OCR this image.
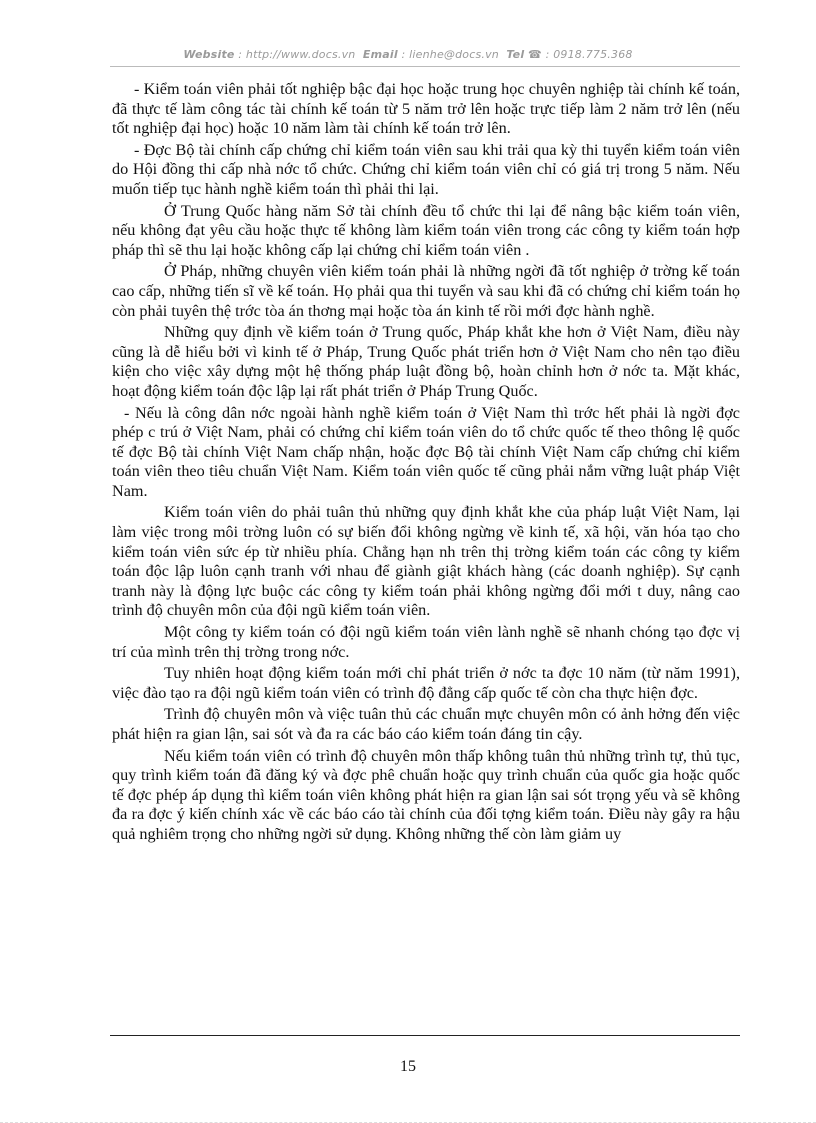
Website : http://www.docs.vn Email : lienhe@docs.vn Tel ☎ : 0918.775.368

- Kiểm toán viên phải tốt nghiệp bậc đại học hoặc trung học chuyên nghiệp tài chính kế toán, đã thực tế làm công tác tài chính kế toán từ 5 năm trở lên hoặc trực tiếp làm 2 năm trở lên (nếu tốt nghiệp đại học) hoặc 10 năm làm tài chính kế toán trở lên.

- Đợc Bộ tài chính cấp chứng chỉ kiểm toán viên sau khi trải qua kỳ thi tuyển kiểm toán viên do Hội đồng thi cấp nhà nớc tổ chức. Chứng chỉ kiểm toán viên chỉ có giá trị trong 5 năm. Nếu muốn tiếp tục hành nghề kiểm toán thì phải thi lại.

Ở Trung Quốc hàng năm Sở tài chính đều tổ chức thi lại để nâng bậc kiểm toán viên, nếu không đạt yêu cầu hoặc thực tế không làm kiểm toán viên trong các công ty kiểm toán hợp pháp thì sẽ thu lại hoặc không cấp lại chứng chỉ kiểm toán viên .

Ở Pháp, những chuyên viên kiểm toán phải là những ngời đã tốt nghiệp ở trờng kế toán cao cấp, những tiến sĩ về kế toán. Họ phải qua thi tuyển và sau khi đã có chứng chỉ kiểm toán họ còn phải tuyên thệ trớc tòa án thơng mại hoặc tòa án kinh tế rồi mới đợc hành nghề.

Những quy định về kiểm toán ở Trung quốc, Pháp khắt khe hơn ở Việt Nam, điều này cũng là dễ hiểu bởi vì kinh tế ở Pháp, Trung Quốc phát triển hơn ở Việt Nam cho nên tạo điều kiện cho việc xây dựng một hệ thống pháp luật đồng bộ, hoàn chỉnh hơn ở nớc ta. Mặt khác, hoạt động kiểm toán độc lập lại rất phát triển ở Pháp Trung Quốc.

- Nếu là công dân nớc ngoài hành nghề kiểm toán ở Việt Nam thì trớc hết phải là ngời đợc phép c trú ở Việt Nam, phải có chứng chỉ kiểm toán viên do tổ chức quốc tế theo thông lệ quốc tế đợc Bộ tài chính Việt Nam chấp nhận, hoặc đợc Bộ tài chính Việt Nam cấp chứng chỉ kiểm toán viên theo tiêu chuẩn Việt Nam. Kiểm toán viên quốc tế cũng phải nắm vững luật pháp Việt Nam.

Kiểm toán viên do phải tuân thủ những quy định khắt khe của pháp luật Việt Nam, lại làm việc trong môi trờng luôn có sự biến đổi không ngừng về kinh tế, xã hội, văn hóa tạo cho kiểm toán viên sức ép từ nhiều phía. Chẳng hạn nh trên thị trờng kiểm toán các công ty kiểm toán độc lập luôn cạnh tranh với nhau để giành giật khách hàng (các doanh nghiệp). Sự cạnh tranh này là động lực buộc các công ty kiểm toán phải không ngừng đổi mới t duy, nâng cao trình độ chuyên môn của đội ngũ kiểm toán viên.

Một công ty kiểm toán có đội ngũ kiểm toán viên lành nghề sẽ nhanh chóng tạo đợc vị trí của mình trên thị trờng trong nớc.

Tuy nhiên hoạt động kiểm toán mới chỉ phát triển ở nớc ta đợc 10 năm (từ năm 1991), việc đào tạo ra đội ngũ kiểm toán viên có trình độ đẳng cấp quốc tế còn cha thực hiện đợc.

Trình độ chuyên môn và việc tuân thủ các chuẩn mực chuyên môn có ảnh hởng đến việc phát hiện ra gian lận, sai sót và đa ra các báo cáo kiểm toán đáng tin cậy.

Nếu kiểm toán viên có trình độ chuyên môn thấp không tuân thủ những trình tự, thủ tục, quy trình kiểm toán đã đăng ký và đợc phê chuẩn hoặc quy trình chuẩn của quốc gia hoặc quốc tế đợc phép áp dụng thì kiểm toán viên không phát hiện ra gian lận sai sót trọng yếu và sẽ không đa ra đợc ý kiến chính xác về các báo cáo tài chính của đối tợng kiểm toán. Điều này gây ra hậu quả nghiêm trọng cho những ngời sử dụng. Không những thế còn làm giảm uy

15
